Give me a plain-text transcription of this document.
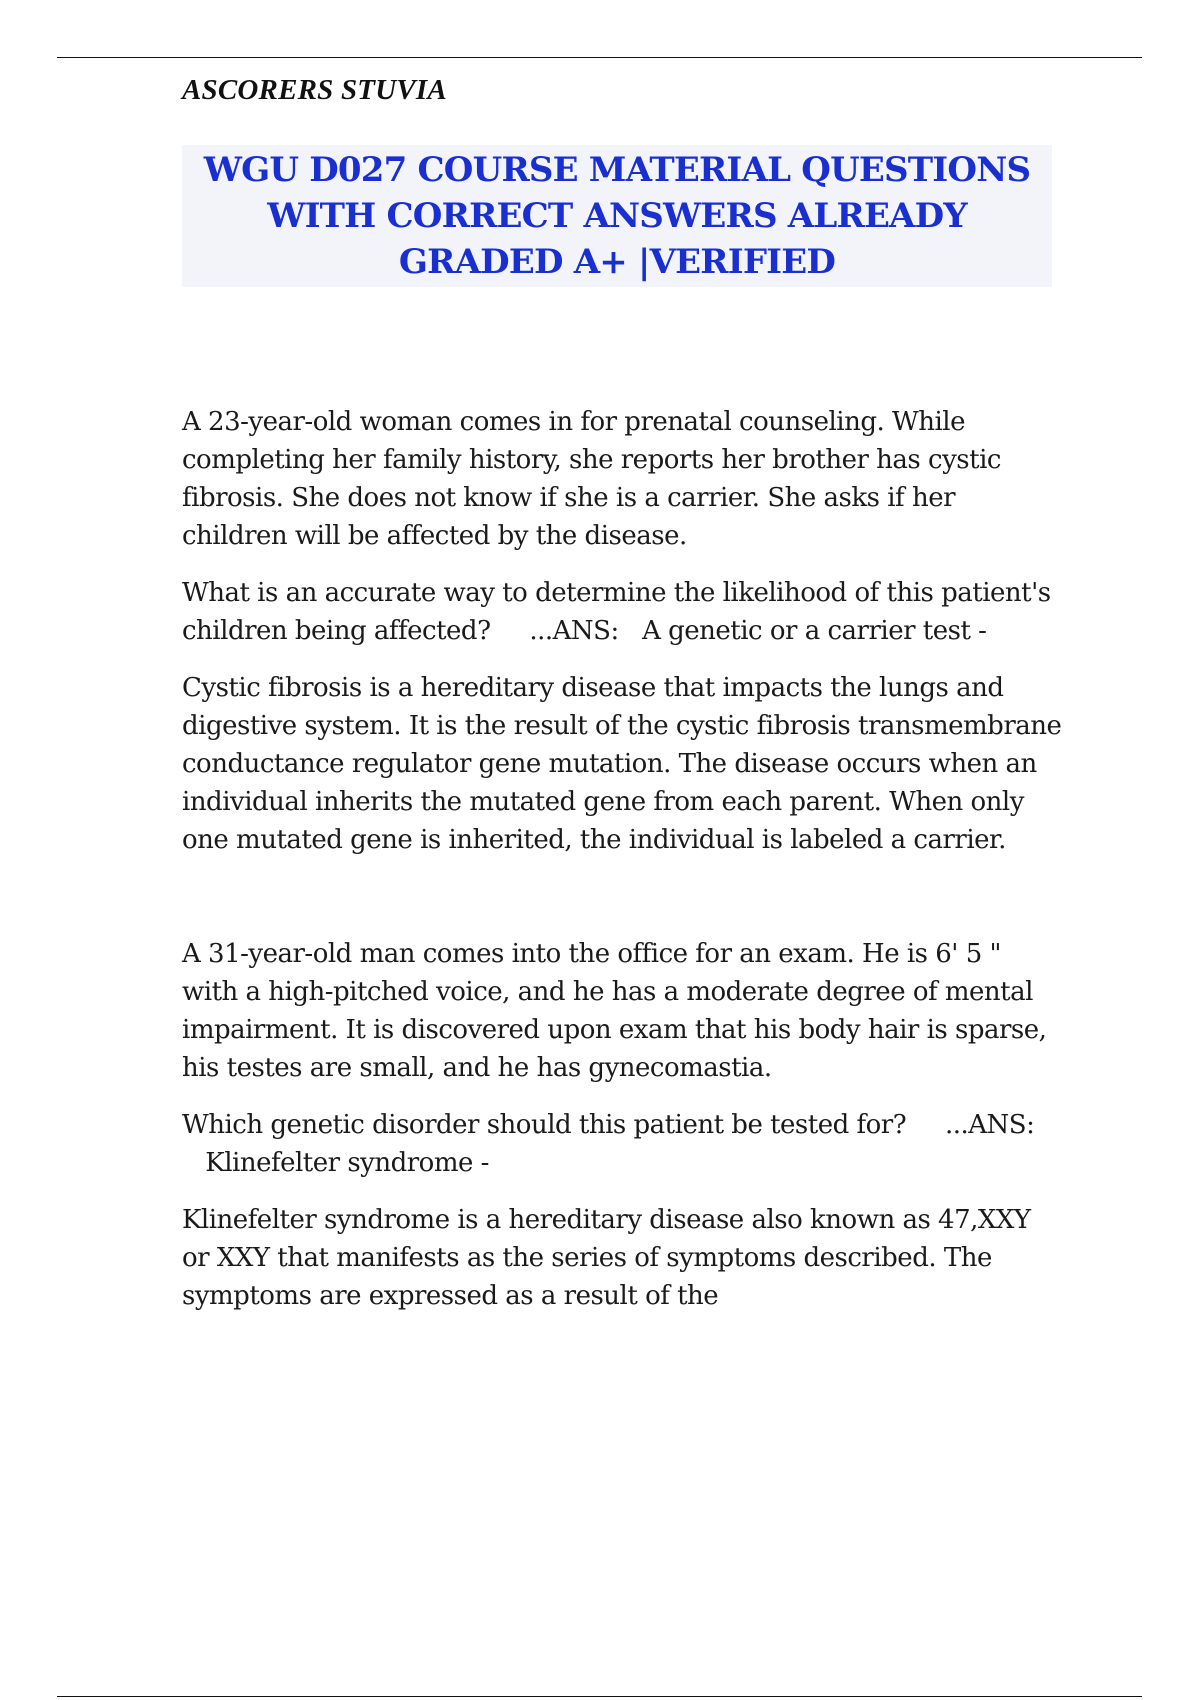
ASCORERS STUVIA

WGU D027 COURSE MATERIAL QUESTIONS WITH CORRECT ANSWERS ALREADY GRADED A+ |VERIFIED

A 23-year-old woman comes in for prenatal counseling. While completing her family history, she reports her brother has cystic fibrosis. She does not know if she is a carrier. She asks if her children will be affected by the disease.

What is an accurate way to determine the likelihood of this patient's children being affected? ...ANS: A genetic or a carrier test -

Cystic fibrosis is a hereditary disease that impacts the lungs and digestive system. It is the result of the cystic fibrosis transmembrane conductance regulator gene mutation. The disease occurs when an individual inherits the mutated gene from each parent. When only one mutated gene is inherited, the individual is labeled a carrier.

A 31-year-old man comes into the office for an exam. He is 6' 5 " with a high-pitched voice, and he has a moderate degree of mental impairment. It is discovered upon exam that his body hair is sparse, his testes are small, and he has gynecomastia.

Which genetic disorder should this patient be tested for? ...ANS:   Klinefelter syndrome -

Klinefelter syndrome is a hereditary disease also known as 47,XXY or XXY that manifests as the series of symptoms described. The symptoms are expressed as a result of the
